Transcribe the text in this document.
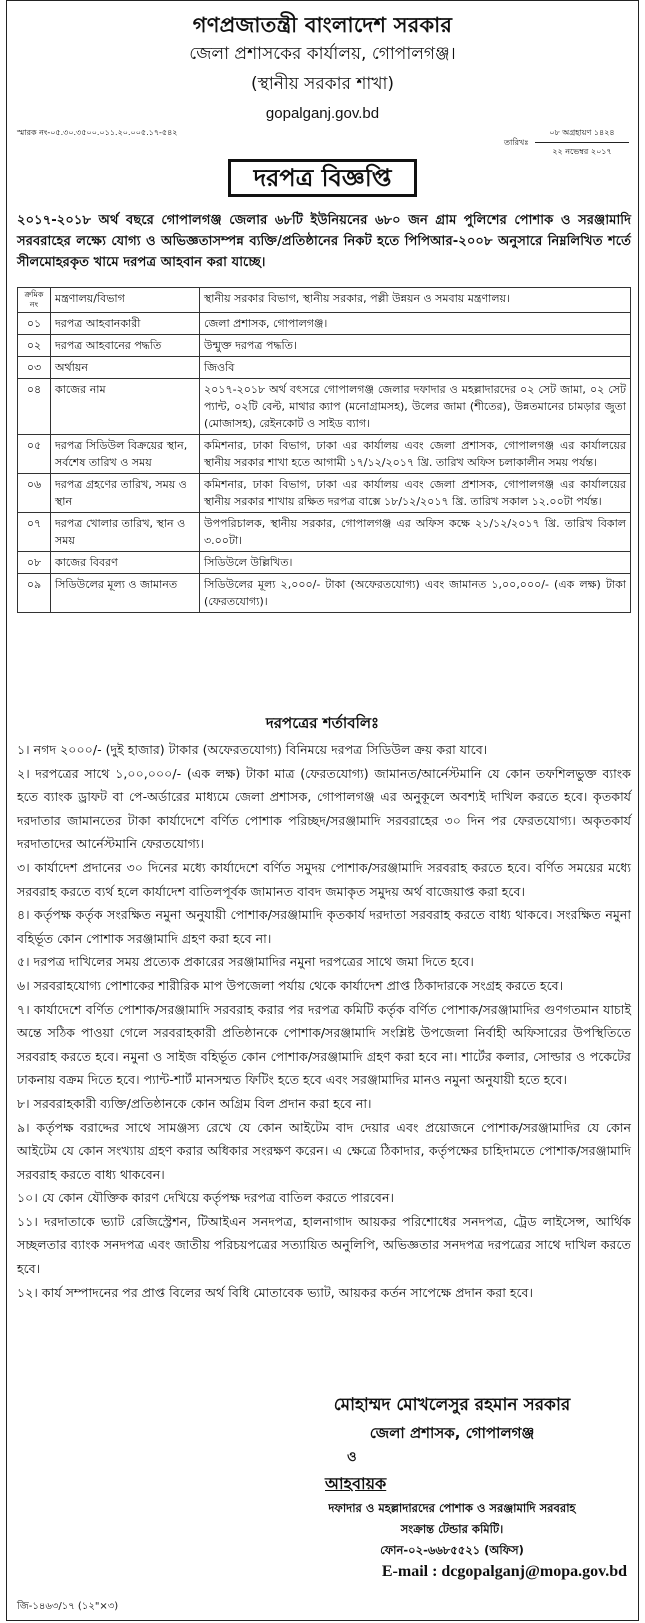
গণপ্রজাতন্ত্রী বাংলাদেশ সরকার
জেলা প্রশাসকের কার্যালয়, গোপালগঞ্জ।
(স্থানীয় সরকার শাখা)
gopalganj.gov.bd
স্মারক নং-০৫.৩০.৩৫০০.০১১.২০.০০৫.১৭-৫৪২
তারিখঃ
০৮ অগ্রহায়ণ ১৪২৪
২২ নভেম্বর ২০১৭
দরপত্র বিজ্ঞপ্তি
২০১৭-২০১৮ অর্থ বছরে গোপালগঞ্জ জেলার ৬৮টি ইউনিয়নের ৬৮০ জন গ্রাম পুলিশের পোশাক ও সরঞ্জামাদি সরবরাহের লক্ষ্যে যোগ্য ও অভিজ্ঞতাসম্পন্ন ব্যক্তি/প্রতিষ্ঠানের নিকট হতে পিপিআর-২০০৮ অনুসারে নিম্নলিখিত শর্তে সীলমোহরকৃত খামে দরপত্র আহবান করা যাচ্ছে।
ক্রমিক
নং	মন্ত্রণালয়/বিভাগ	স্থানীয় সরকার বিভাগ, স্থানীয় সরকার, পল্লী উন্নয়ন ও সমবায় মন্ত্রণালয়।
০১	দরপত্র আহবানকারী	জেলা প্রশাসক, গোপালগঞ্জ।
০২	দরপত্র আহবানের পদ্ধতি	উন্মুক্ত দরপত্র পদ্ধতি।
০৩	অর্থায়ন	জিওবি
০৪	কাজের নাম	২০১৭-২০১৮ অর্থ বৎসরে গোপালগঞ্জ জেলার দফাদার ও মহল্লাদারদের ০২ সেট জামা, ০২ সেট প্যান্ট, ০২টি বেল্ট, মাথার ক্যাপ (মনোগ্রামসহ), উলের জামা (শীতের), উন্নতমানের চামড়ার জুতা (মোজাসহ), রেইনকোট ও সাইড ব্যাগ।
০৫	দরপত্র সিডিউল বিক্রয়ের স্থান, সর্বশেষ তারিখ ও সময়	কমিশনার, ঢাকা বিভাগ, ঢাকা এর কার্যালয় এবং জেলা প্রশাসক, গোপালগঞ্জ এর কার্যালয়ের স্থানীয় সরকার শাখা হতে আগামী ১৭/১২/২০১৭ খ্রি. তারিখ অফিস চলাকালীন সময় পর্যন্ত।
০৬	দরপত্র গ্রহণের তারিখ, সময় ও স্থান	কমিশনার, ঢাকা বিভাগ, ঢাকা এর কার্যালয় এবং জেলা প্রশাসক, গোপালগঞ্জ এর কার্যালয়ের স্থানীয় সরকার শাখায় রক্ষিত দরপত্র বাক্সে ১৮/১২/২০১৭ খ্রি. তারিখ সকাল ১২.০০টা পর্যন্ত।
০৭	দরপত্র খোলার তারিখ, স্থান ও সময়	উপপরিচালক, স্থানীয় সরকার, গোপালগঞ্জ এর অফিস কক্ষে ২১/১২/২০১৭ খ্রি. তারিখ বিকাল ৩.০০টা।
০৮	কাজের বিবরণ	সিডিউলে উল্লিখিত।
০৯	সিডিউলের মূল্য ও জামানত	সিডিউলের মূল্য ২,০০০/- টাকা (অফেরতযোগ্য) এবং জামানত ১,০০,০০০/- (এক লক্ষ) টাকা (ফেরতযোগ্য)।
দরপত্রের শর্তাবলিঃ

১। নগদ ২০০০/- (দুই হাজার) টাকার (অফেরতযোগ্য) বিনিময়ে দরপত্র সিডিউল ক্রয় করা যাবে।

২। দরপত্রের সাথে ১,০০,০০০/- (এক লক্ষ) টাকা মাত্র (ফেরতযোগ্য) জামানত/আর্নেস্টমানি যে কোন তফশিলভুক্ত ব্যাংক হতে ব্যাংক ড্রাফট বা পে-অর্ডারের মাধ্যমে জেলা প্রশাসক, গোপালগঞ্জ এর অনুকূলে অবশ্যই দাখিল করতে হবে। কৃতকার্য দরদাতার জামানতের টাকা কার্যাদেশে বর্ণিত পোশাক পরিচ্ছদ/সরঞ্জামাদি সরবরাহের ৩০ দিন পর ফেরতযোগ্য। অকৃতকার্য দরদাতাদের আর্নেস্টমানি ফেরতযোগ্য।

৩। কার্যাদেশ প্রদানের ৩০ দিনের মধ্যে কার্যাদেশে বর্ণিত সমুদয় পোশাক/সরঞ্জামাদি সরবরাহ করতে হবে। বর্ণিত সময়ের মধ্যে সরবরাহ করতে ব্যর্থ হলে কার্যাদেশ বাতিলপূর্বক জামানত বাবদ জমাকৃত সমুদয় অর্থ বাজেয়াপ্ত করা হবে।

৪। কর্তৃপক্ষ কর্তৃক সংরক্ষিত নমুনা অনুযায়ী পোশাক/সরঞ্জামাদি কৃতকার্য দরদাতা সরবরাহ করতে বাধ্য থাকবে। সংরক্ষিত নমুনা বহির্ভূত কোন পোশাক সরঞ্জামাদি গ্রহণ করা হবে না।

৫। দরপত্র দাখিলের সময় প্রত্যেক প্রকারের সরঞ্জামাদির নমুনা দরপত্রের সাথে জমা দিতে হবে।

৬। সরবরাহযোগ্য পোশাকের শারীরিক মাপ উপজেলা পর্যায় থেকে কার্যাদেশ প্রাপ্ত ঠিকাদারকে সংগ্রহ করতে হবে।

৭। কার্যাদেশে বর্ণিত পোশাক/সরঞ্জামাদি সরবরাহ করার পর দরপত্র কমিটি কর্তৃক বর্ণিত পোশাক/সরঞ্জামাদির গুণগতমান যাচাই অন্তে সঠিক পাওয়া গেলে সরবরাহকারী প্রতিষ্ঠানকে পোশাক/সরঞ্জামাদি সংশ্লিষ্ট উপজেলা নির্বাহী অফিসারের উপস্থিতিতে সরবরাহ করতে হবে। নমুনা ও সাইজ বহির্ভূত কোন পোশাক/সরঞ্জামাদি গ্রহণ করা হবে না। শার্টের কলার, সোল্ডার ও পকেটের ঢাকনায় বক্রম দিতে হবে। প্যান্ট-শার্ট মানসম্মত ফিটিং হতে হবে এবং সরঞ্জামাদির মানও নমুনা অনুযায়ী হতে হবে।

৮। সরবরাহকারী ব্যক্তি/প্রতিষ্ঠানকে কোন অগ্রিম বিল প্রদান করা হবে না।

৯। কর্তৃপক্ষ বরাদ্দের সাথে সামঞ্জস্য রেখে যে কোন আইটেম বাদ দেয়ার এবং প্রয়োজনে পোশাক/সরঞ্জামাদির যে কোন আইটেম যে কোন সংখ্যায় গ্রহণ করার অধিকার সংরক্ষণ করেন। এ ক্ষেত্রে ঠিকাদার, কর্তৃপক্ষের চাহিদামতে পোশাক/সরঞ্জামাদি সরবরাহ করতে বাধ্য থাকবেন।

১০। যে কোন যৌক্তিক কারণ দেখিয়ে কর্তৃপক্ষ দরপত্র বাতিল করতে পারবেন।

১১। দরদাতাকে ভ্যাট রেজিস্ট্রেশন, টিআইএন সনদপত্র, হালনাগাদ আয়কর পরিশোধের সনদপত্র, ট্রেড লাইসেন্স, আর্থিক সচ্ছলতার ব্যাংক সনদপত্র এবং জাতীয় পরিচয়পত্রের সত্যায়িত অনুলিপি, অভিজ্ঞতার সনদপত্র দরপত্রের সাথে দাখিল করতে হবে।

১২। কার্য সম্পাদনের পর প্রাপ্ত বিলের অর্থ বিধি মোতাবেক ভ্যাট, আয়কর কর্তন সাপেক্ষে প্রদান করা হবে।

মোহাম্মদ মোখলেসুর রহমান সরকার
জেলা প্রশাসক, গোপালগঞ্জ
ও
আহবায়ক
দফাদার ও মহল্লাদারদের পোশাক ও সরঞ্জামাদি সরবরাহ
সংক্রান্ত টেন্ডার কমিটি।
ফোন-০২-৬৬৮৫৫২১ (অফিস)
E-mail : dcgopalganj@mopa.gov.bd
জি-১৪৬৩/১৭ (১২"×৩)
